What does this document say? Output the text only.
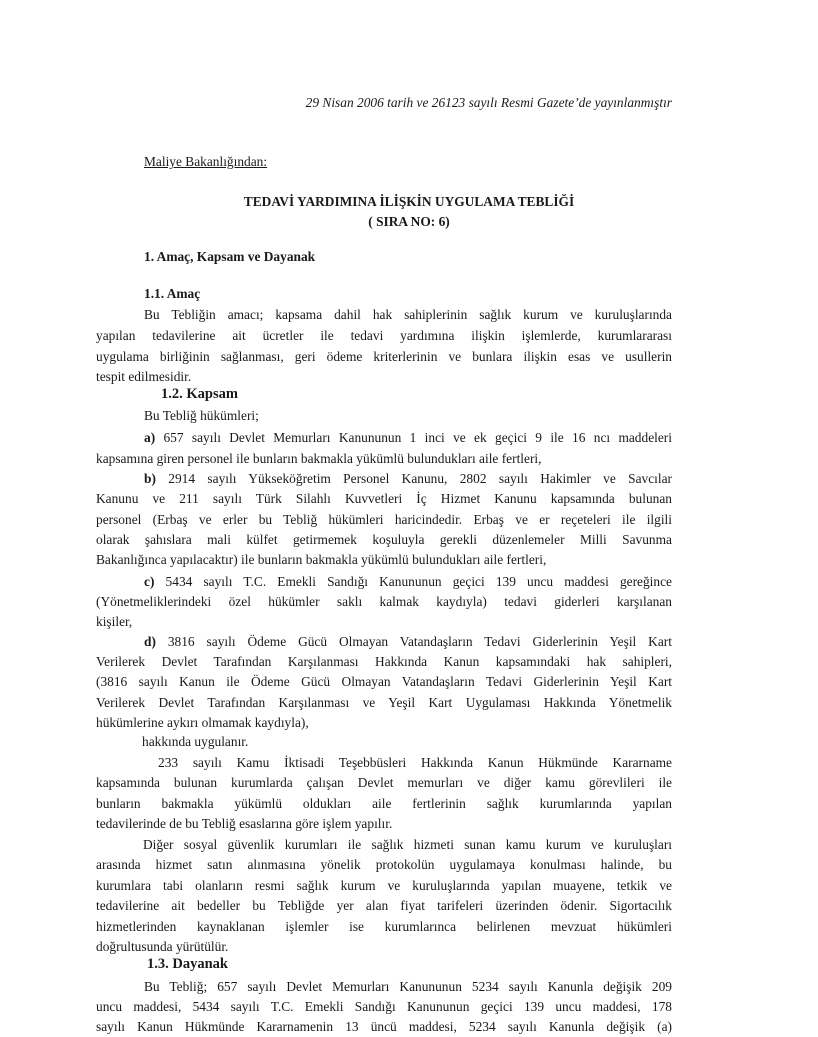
29 Nisan 2006 tarih ve 26123 sayılı Resmi Gazete’de yayınlanmıştır
Maliye Bakanlığından:
TEDAVİ YARDIMINA İLİŞKİN UYGULAMA TEBLİĞİ
( SIRA NO: 6)
1. Amaç, Kapsam ve Dayanak
1.1. Amaç
Bu Tebliğin amacı; kapsama dahil hak sahiplerinin sağlık kurum ve kuruluşlarında
yapılan tedavilerine ait ücretler ile tedavi yardımına ilişkin işlemlerde, kurumlararası
uygulama birliğinin sağlanması, geri ödeme kriterlerinin ve bunlara ilişkin esas ve usullerin
tespit edilmesidir.
1.2. Kapsam
Bu Tebliğ hükümleri;
a) 657 sayılı Devlet Memurları Kanununun 1 inci ve ek geçici 9 ile 16 ncı maddeleri
kapsamına giren personel ile bunların bakmakla yükümlü bulundukları aile fertleri,
b) 2914 sayılı Yükseköğretim Personel Kanunu, 2802 sayılı Hakimler ve Savcılar
Kanunu ve 211 sayılı Türk Silahlı Kuvvetleri İç Hizmet Kanunu kapsamında bulunan
personel (Erbaş ve erler bu Tebliğ hükümleri haricindedir. Erbaş ve er reçeteleri ile ilgili
olarak şahıslara mali külfet getirmemek koşuluyla gerekli düzenlemeler Milli Savunma
Bakanlığınca yapılacaktır) ile bunların bakmakla yükümlü bulundukları aile fertleri,
c) 5434 sayılı T.C. Emekli Sandığı Kanununun geçici 139 uncu maddesi gereğince
(Yönetmeliklerindeki özel hükümler saklı kalmak kaydıyla) tedavi giderleri karşılanan
kişiler,
d) 3816 sayılı Ödeme Gücü Olmayan Vatandaşların Tedavi Giderlerinin Yeşil Kart
Verilerek Devlet Tarafından Karşılanması Hakkında Kanun kapsamındaki hak sahipleri,
(3816 sayılı Kanun ile Ödeme Gücü Olmayan Vatandaşların Tedavi Giderlerinin Yeşil Kart
Verilerek Devlet Tarafından Karşılanması ve Yeşil Kart Uygulaması Hakkında Yönetmelik
hükümlerine aykırı olmamak kaydıyla),
hakkında uygulanır.
233 sayılı Kamu İktisadi Teşebbüsleri Hakkında Kanun Hükmünde Kararname
kapsamında bulunan kurumlarda çalışan Devlet memurları ve diğer kamu görevlileri ile
bunların bakmakla yükümlü oldukları aile fertlerinin sağlık kurumlarında yapılan
tedavilerinde de bu Tebliğ esaslarına göre işlem yapılır.
Diğer sosyal güvenlik kurumları ile sağlık hizmeti sunan kamu kurum ve kuruluşları
arasında hizmet satın alınmasına yönelik protokolün uygulamaya konulması halinde, bu
kurumlara tabi olanların resmi sağlık kurum ve kuruluşlarında yapılan muayene, tetkik ve
tedavilerine ait bedeller bu Tebliğde yer alan fiyat tarifeleri üzerinden ödenir. Sigortacılık
hizmetlerinden kaynaklanan işlemler ise kurumlarınca belirlenen mevzuat hükümleri
doğrultusunda yürütülür.
1.3. Dayanak
Bu Tebliğ; 657 sayılı Devlet Memurları Kanununun 5234 sayılı Kanunla değişik 209
uncu maddesi, 5434 sayılı T.C. Emekli Sandığı Kanununun geçici 139 uncu maddesi, 178
sayılı Kanun Hükmünde Kararnamenin 13 üncü maddesi, 5234 sayılı Kanunla değişik (a)
